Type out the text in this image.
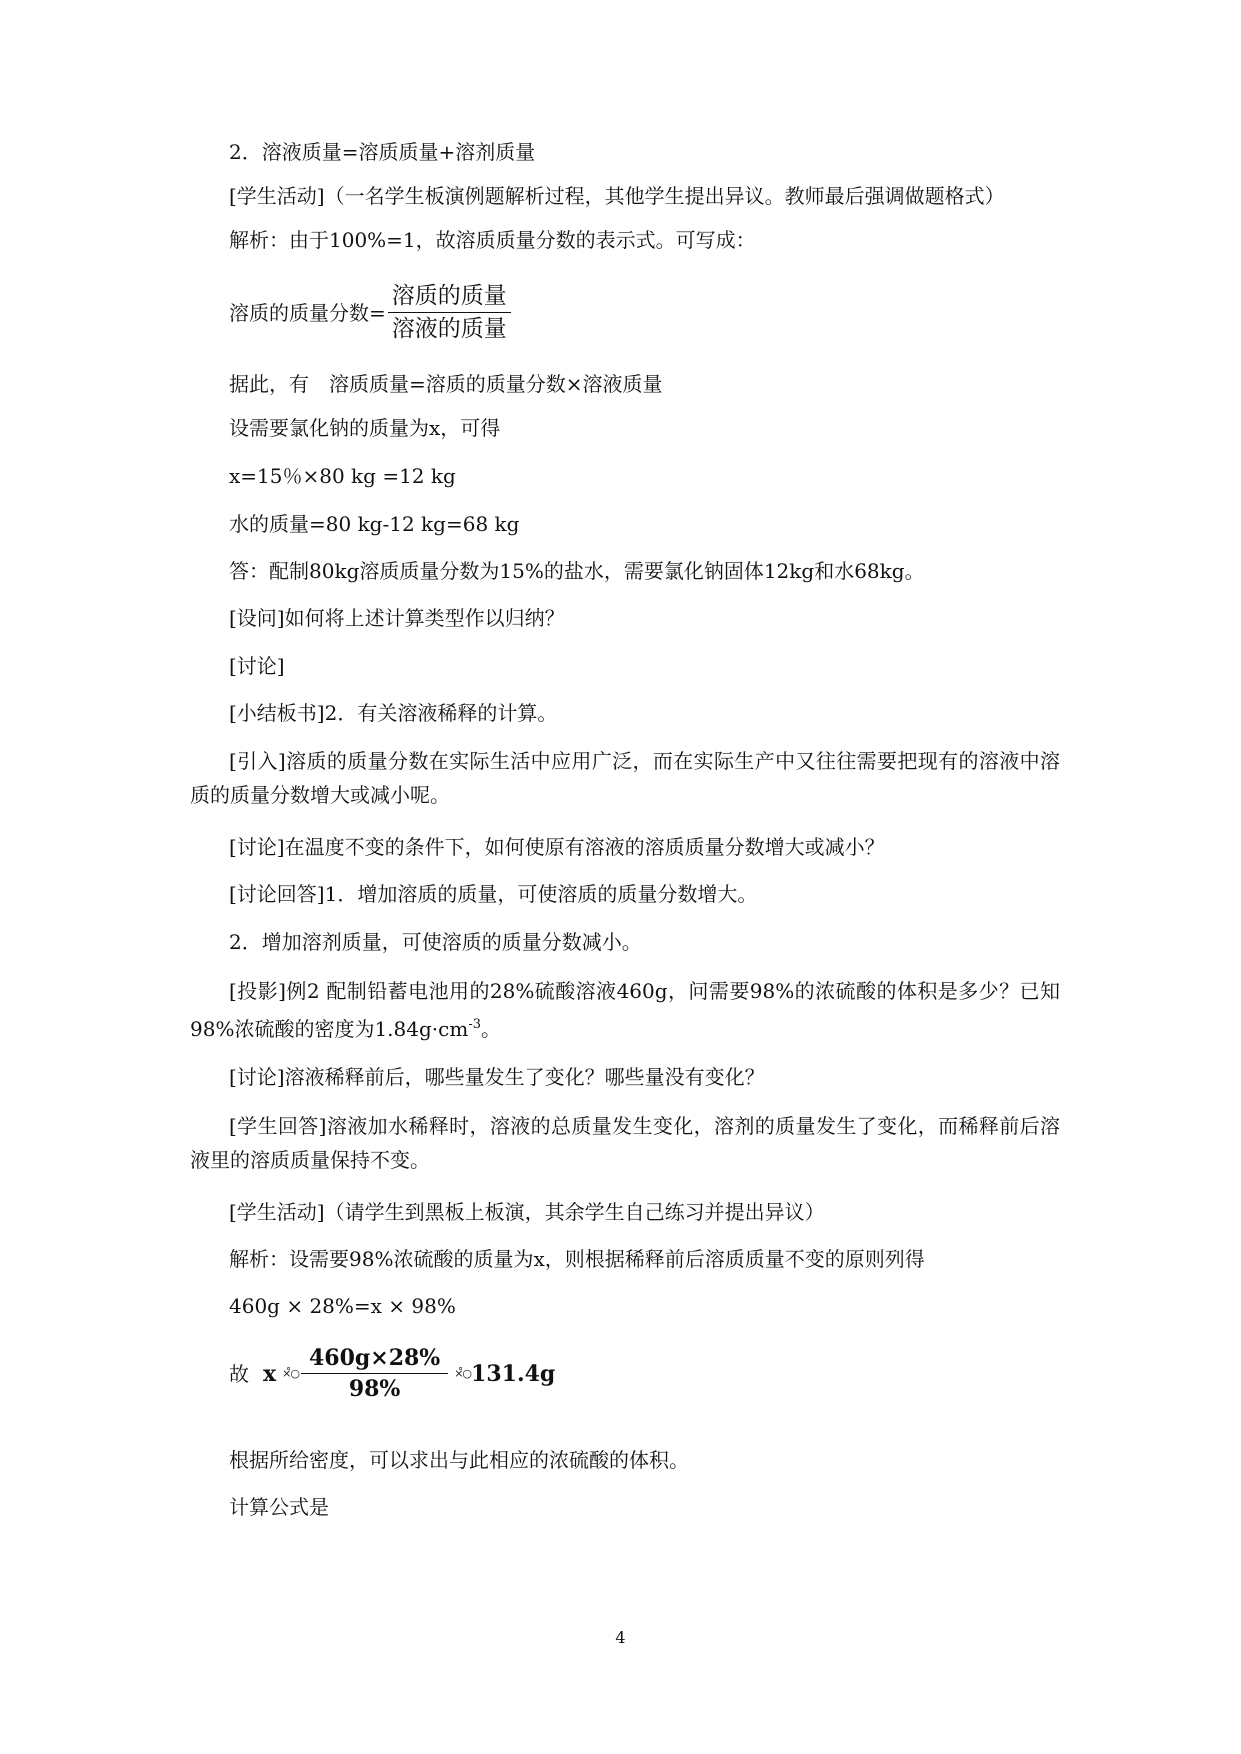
2．溶液质量=溶质质量+溶剂质量
[学生活动]（一名学生板演例题解析过程，其他学生提出异议。教师最后强调做题格式）
解析：由于100%=1，故溶质质量分数的表示式。可写成：
溶质的质量分数= $\frac{\text{溶质的质量}}{\text{溶液的质量}}$
据此，有　溶质质量=溶质的质量分数×溶液质量
设需要氯化钠的质量为x，可得
x=15％×80 kg =12 kg
水的质量=80 kg-12 kg=68 kg
答：配制80kg溶质质量分数为15%的盐水，需要氯化钠固体12kg和水68kg。
[设问]如何将上述计算类型作以归纳？
[讨论]
[小结板书]2．有关溶液稀释的计算。
[引入]溶质的质量分数在实际生活中应用广泛，而在实际生产中又往往需要把现有的溶液中溶质的质量分数增大或减小呢。
[讨论]在温度不变的条件下，如何使原有溶液的溶质质量分数增大或减小？
[讨论回答]1．增加溶质的质量，可使溶质的质量分数增大。
2．增加溶剂质量，可使溶质的质量分数减小。
[投影]例2 配制铅蓄电池用的28%硫酸溶液460g，问需要98%的浓硫酸的体积是多少？已知98%浓硫酸的密度为$1.84g\cdot cm^{-3}$。
[讨论]溶液稀释前后，哪些量发生了变化？哪些量没有变化？
[学生回答]溶液加水稀释时，溶液的总质量发生变化，溶剂的质量发生了变化，而稀释前后溶液里的溶质质量保持不变。
[学生活动]（请学生到黑板上板演，其余学生自己练习并提出异议）
解析：设需要98%浓硫酸的质量为x，则根据稀释前后溶质质量不变的原则列得
460g × 28%=x × 98%
故 x ×̊○ $\frac{460g\times 28\%}{98\%}$ ×̊○ 131.4g
根据所给密度，可以求出与此相应的浓硫酸的体积。
计算公式是
4
